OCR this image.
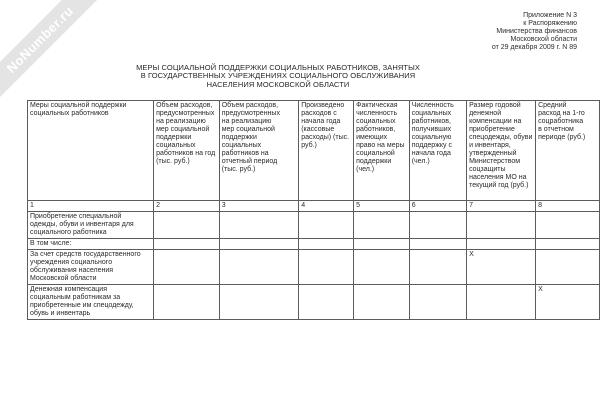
NoNumber.ru	Приложение N 3
к Распоряжению
Министерства финансов
Московской области
от 29 декабря 2009 г. N 89
МЕРЫ СОЦИАЛЬНОЙ ПОДДЕРЖКИ СОЦИАЛЬНЫХ РАБОТНИКОВ, ЗАНЯТЫХ
В ГОСУДАРСТВЕННЫХ УЧРЕЖДЕНИЯХ СОЦИАЛЬНОГО ОБСЛУЖИВАНИЯ
НАСЕЛЕНИЯ МОСКОВСКОЙ ОБЛАСТИ
Меры социальной поддержки социальных работников	Объем расходов, предусмотренных на реализацию мер социальной поддержки социальных работников на год (тыс. руб.)	Объем расходов, предусмотренных на реализацию мер социальной поддержки социальных работников на отчетный период (тыс. руб.)	Произведено расходов с начала года (кассовые расходы) (тыс. руб.)	Фактическая численность социальных работников, имеющих право на меры социальной поддержки (чел.)	Численность социальных работников, получивших социальную поддержку с начала года (чел.)	Размер годовой денежной компенсации на приобретение спецодежды, обуви и инвентаря, утвержденный Министерством соцзащиты населения МО на текущий год (руб.)	Средний расход на 1-го соцработника в отчетном периоде (руб.)
1	2	3	4	5	6	7	8
Приобретение специальной одежды, обуви и инвентаря для социального работника							
В том числе:							
За счет средств государственного учреждения социального обслуживания населения Московской области						X	
Денежная компенсация социальным работникам за приобретенные им спецодежду, обувь и инвентарь							X
